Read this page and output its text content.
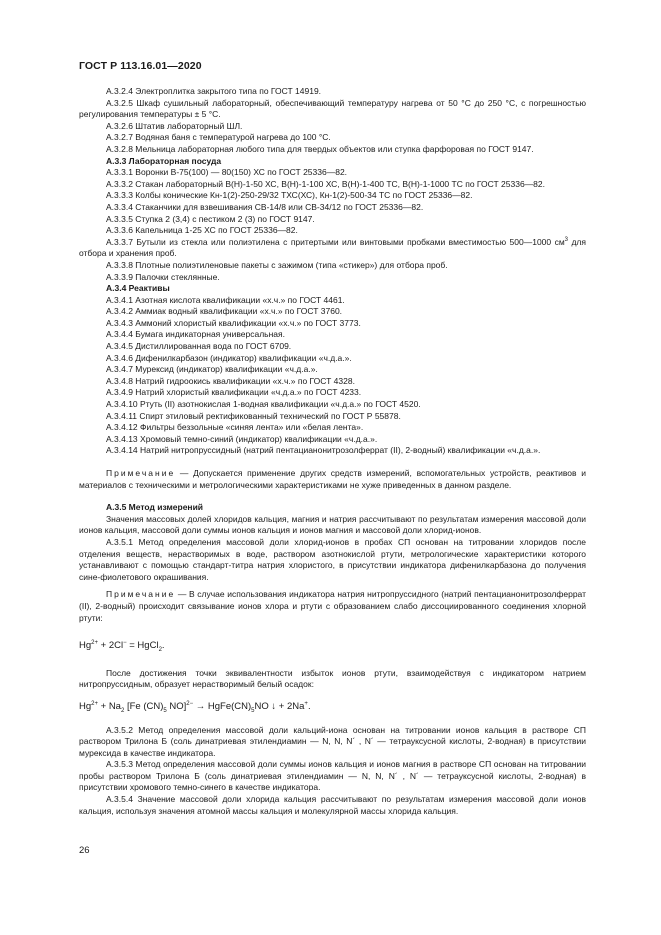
ГОСТ Р 113.16.01—2020

А.3.2.4 Электроплитка закрытого типа по ГОСТ 14919.

А.3.2.5 Шкаф сушильный лабораторный, обеспечивающий температуру нагрева от 50 °С до 250 °С, с погрешностью регулирования температуры ± 5 °С.

А.3.2.6 Штатив лабораторный ШЛ.

А.3.2.7 Водяная баня с температурой нагрева до 100 °С.

А.3.2.8 Мельница лабораторная любого типа для твердых объектов или ступка фарфоровая по ГОСТ 9147.

А.3.3 Лабораторная посуда

А.3.3.1 Воронки В-75(100) — 80(150) ХС по ГОСТ 25336—82.

А.3.3.2 Стакан лабораторный В(Н)-1-50 ХС, В(Н)-1-100 ХС, В(Н)-1-400 ТС, В(Н)-1-1000 ТС по ГОСТ 25336—82.

А.3.3.3 Колбы конические Кн-1(2)-250-29/32 ТХС(ХС), Кн-1(2)-500-34 ТС по ГОСТ 25336—82.

А.3.3.4 Стаканчики для взвешивания СВ-14/8 или СВ-34/12 по ГОСТ 25336—82.

А.3.3.5 Ступка 2 (3,4) с пестиком 2 (3) по ГОСТ 9147.

А.3.3.6 Капельница 1-25 ХС по ГОСТ 25336—82.

А.3.3.7 Бутыли из стекла или полиэтилена с притертыми или винтовыми пробками вместимостью 500—1000 $см^3$ для отбора и хранения проб.

А.3.3.8 Плотные полиэтиленовые пакеты с зажимом (типа «стикер») для отбора проб.

А.3.3.9 Палочки стеклянные.

А.3.4 Реактивы

А.3.4.1 Азотная кислота квалификации «х.ч.» по ГОСТ 4461.

А.3.4.2 Аммиак водный квалификации «х.ч.» по ГОСТ 3760.

А.3.4.3 Аммоний хлористый квалификации «х.ч.» по ГОСТ 3773.

А.3.4.4 Бумага индикаторная универсальная.

А.3.4.5 Дистиллированная вода по ГОСТ 6709.

А.3.4.6 Дифенилкарбазон (индикатор) квалификации «ч.д.а.».

А.3.4.7 Мурексид (индикатор) квалификации «ч.д.а.».

А.3.4.8 Натрий гидроокись квалификации «х.ч.» по ГОСТ 4328.

А.3.4.9 Натрий хлористый квалификации «ч.д.а.» по ГОСТ 4233.

А.3.4.10 Ртуть (II) азотнокислая 1-водная квалификации «ч.д.а.» по ГОСТ 4520.

А.3.4.11 Спирт этиловый ректификованный технический по ГОСТ Р 55878.

А.3.4.12 Фильтры беззольные «синяя лента» или «белая лента».

А.3.4.13 Хромовый темно-синий (индикатор) квалификации «ч.д.а.».

А.3.4.14 Натрий нитропруссидный (натрий пентацианонитрозолферрат (II), 2-водный) квалификации «ч.д.а.».

Примечание — Допускается применение других средств измерений, вспомогательных устройств, реактивов и материалов с техническими и метрологическими характеристиками не хуже приведенных в данном разделе.

А.3.5 Метод измерений

Значения массовых долей хлоридов кальция, магния и натрия рассчитывают по результатам измерения массовой доли ионов кальция, массовой доли суммы ионов кальция и ионов магния и массовой доли хлорид-ионов.

А.3.5.1 Метод определения массовой доли хлорид-ионов в пробах СП основан на титровании хлоридов после отделения веществ, нерастворимых в воде, раствором азотнокислой ртути, метрологические характеристики которого устанавливают с помощью стандарт-титра натрия хлористого, в присутствии индикатора дифенилкарбазона до получения сине-фиолетового окрашивания.

Примечание — В случае использования индикатора натрия нитропруссидного (натрий пентацианонитрозолферрат (II), 2-водный) происходит связывание ионов хлора и ртути с образованием слабо диссоциированного соединения хлорной ртути:

$Hg^{2+} + 2Cl^-$ = HgCl$_2$.

После достижения точки эквивалентности избыток ионов ртути, взаимодействуя с индикатором натрием нитропруссидным, образует нерастворимый белый осадок:

$Hg^{2+} + Na_2$ [Fe $(CN)_5$ $NO]^{2-} \to HgFe(CN)_5NO$ ↓ + 2Na+.

А.3.5.2 Метод определения массовой доли кальций-иона основан на титровании ионов кальция в растворе СП раствором Трилона Б (соль динатриевая этилендиамин — N, N, N´ , N´ — тетрауксусной кислоты, 2-водная) в присутствии мурексида в качестве индикатора.

А.3.5.3 Метод определения массовой доли суммы ионов кальция и ионов магния в растворе СП основан на титровании пробы раствором Трилона Б (соль динатриевая этилендиамин — N, N, N´ , N´ — тетрауксусной кислоты, 2-водная) в присутствии хромового темно-синего в качестве индикатора.

А.3.5.4 Значение массовой доли хлорида кальция рассчитывают по результатам измерения массовой доли ионов кальция, используя значения атомной массы кальция и молекулярной массы хлорида кальция.

26
